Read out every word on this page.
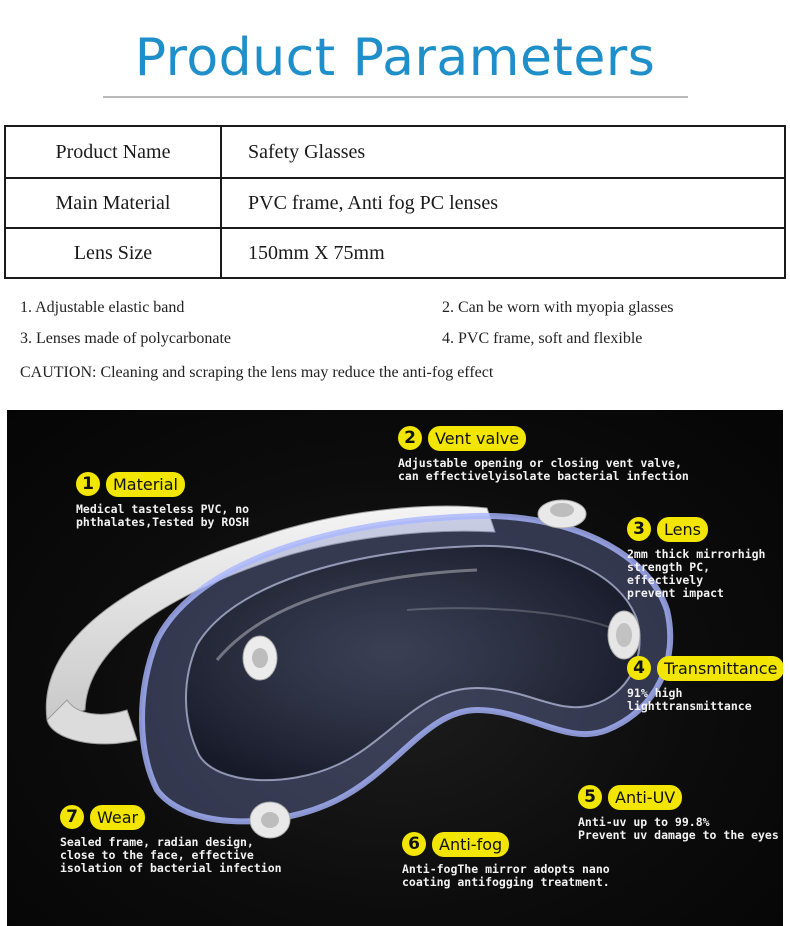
Product Parameters
Product Name	Safety Glasses
Main Material	PVC frame, Anti fog PC lenses
Lens Size	150mm X 75mm
1. Adjustable elastic band	2. Can be worn with myopia glasses
3. Lenses made of polycarbonate	4. PVC frame, soft and flexible
CAUTION: Cleaning and scraping the lens may reduce the anti-fog effect
1	Material
Medical tasteless PVC, no
phthalates,Tested by ROSH
2	Vent valve
Adjustable opening or closing vent valve,
can effectivelyisolate bacterial infection
3	Lens
2mm thick mirrorhigh
strength PC, effectively
prevent impact
4	Transmittance
91% high
lighttransmittance
5	Anti-UV
Anti-uv up to 99.8%
Prevent uv damage to the eyes
6	Anti-fog
Anti-fogThe mirror adopts nano
coating antifogging treatment.
7	Wear
Sealed frame, radian design,
close to the face, effective
isolation of bacterial infection
